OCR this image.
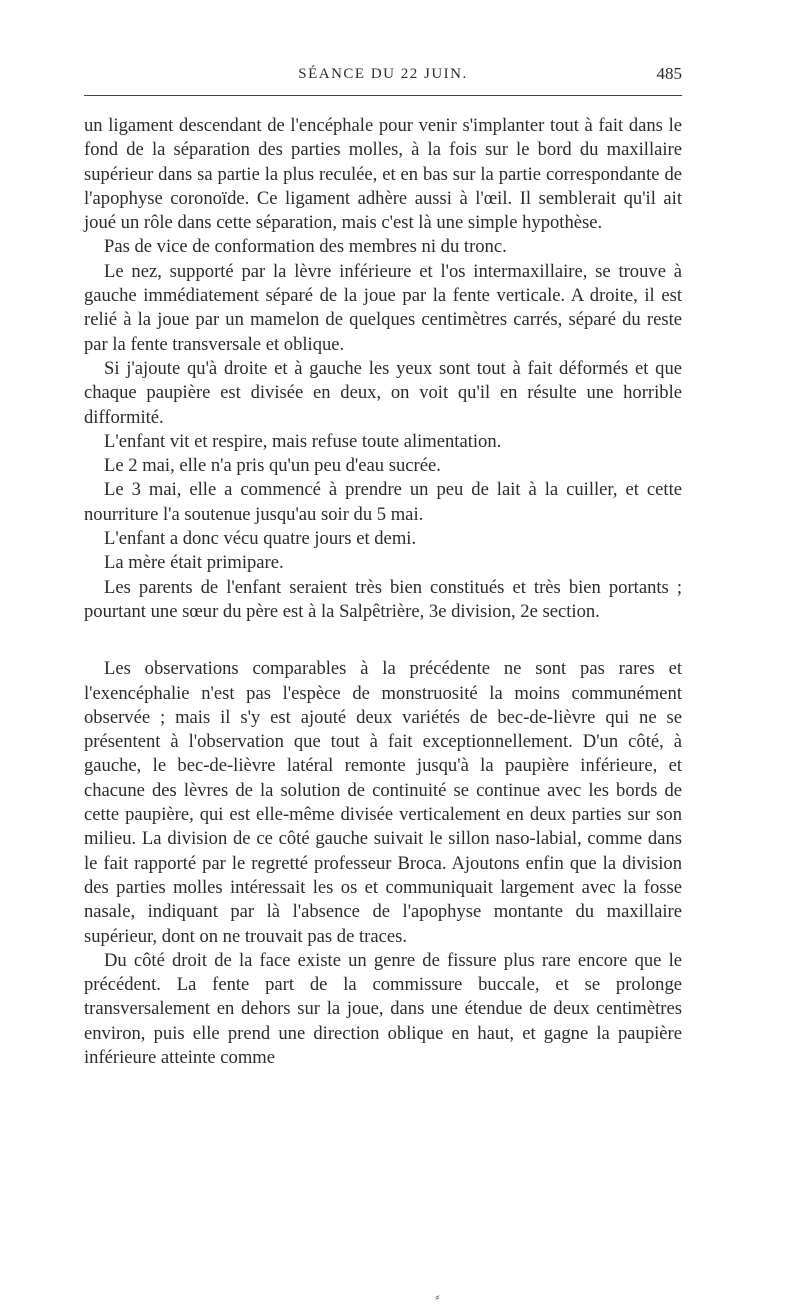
SÉANCE DU 22 JUIN.	485

un ligament descendant de l'encéphale pour venir s'implanter tout à fait dans le fond de la séparation des parties molles, à la fois sur le bord du maxillaire supérieur dans sa partie la plus reculée, et en bas sur la partie correspondante de l'apophyse coronoïde. Ce ligament adhère aussi à l'œil. Il semblerait qu'il ait joué un rôle dans cette séparation, mais c'est là une simple hypothèse.

Pas de vice de conformation des membres ni du tronc.

Le nez, supporté par la lèvre inférieure et l'os intermaxillaire, se trouve à gauche immédiatement séparé de la joue par la fente verticale. A droite, il est relié à la joue par un mamelon de quelques centimètres carrés, séparé du reste par la fente transversale et oblique.

Si j'ajoute qu'à droite et à gauche les yeux sont tout à fait déformés et que chaque paupière est divisée en deux, on voit qu'il en résulte une horrible difformité.

L'enfant vit et respire, mais refuse toute alimentation.

Le 2 mai, elle n'a pris qu'un peu d'eau sucrée.

Le 3 mai, elle a commencé à prendre un peu de lait à la cuiller, et cette nourriture l'a soutenue jusqu'au soir du 5 mai.

L'enfant a donc vécu quatre jours et demi.

La mère était primipare.

Les parents de l'enfant seraient très bien constitués et très bien portants ; pourtant une sœur du père est à la Salpêtrière, 3e division, 2e section.

Les observations comparables à la précédente ne sont pas rares et l'exencéphalie n'est pas l'espèce de monstruosité la moins communément observée ; mais il s'y est ajouté deux variétés de bec-de-lièvre qui ne se présentent à l'observation que tout à fait exceptionnellement. D'un côté, à gauche, le bec-de-lièvre latéral remonte jusqu'à la paupière inférieure, et chacune des lèvres de la solution de continuité se continue avec les bords de cette paupière, qui est elle-même divisée verticalement en deux parties sur son milieu. La division de ce côté gauche suivait le sillon naso-labial, comme dans le fait rapporté par le regretté professeur Broca. Ajoutons enfin que la division des parties molles intéressait les os et communiquait largement avec la fosse nasale, indiquant par là l'absence de l'apophyse montante du maxillaire supérieur, dont on ne trouvait pas de traces.

Du côté droit de la face existe un genre de fissure plus rare encore que le précédent. La fente part de la commissure buccale, et se prolonge transversalement en dehors sur la joue, dans une étendue de deux centimètres environ, puis elle prend une direction oblique en haut, et gagne la paupière inférieure atteinte comme

⸗
